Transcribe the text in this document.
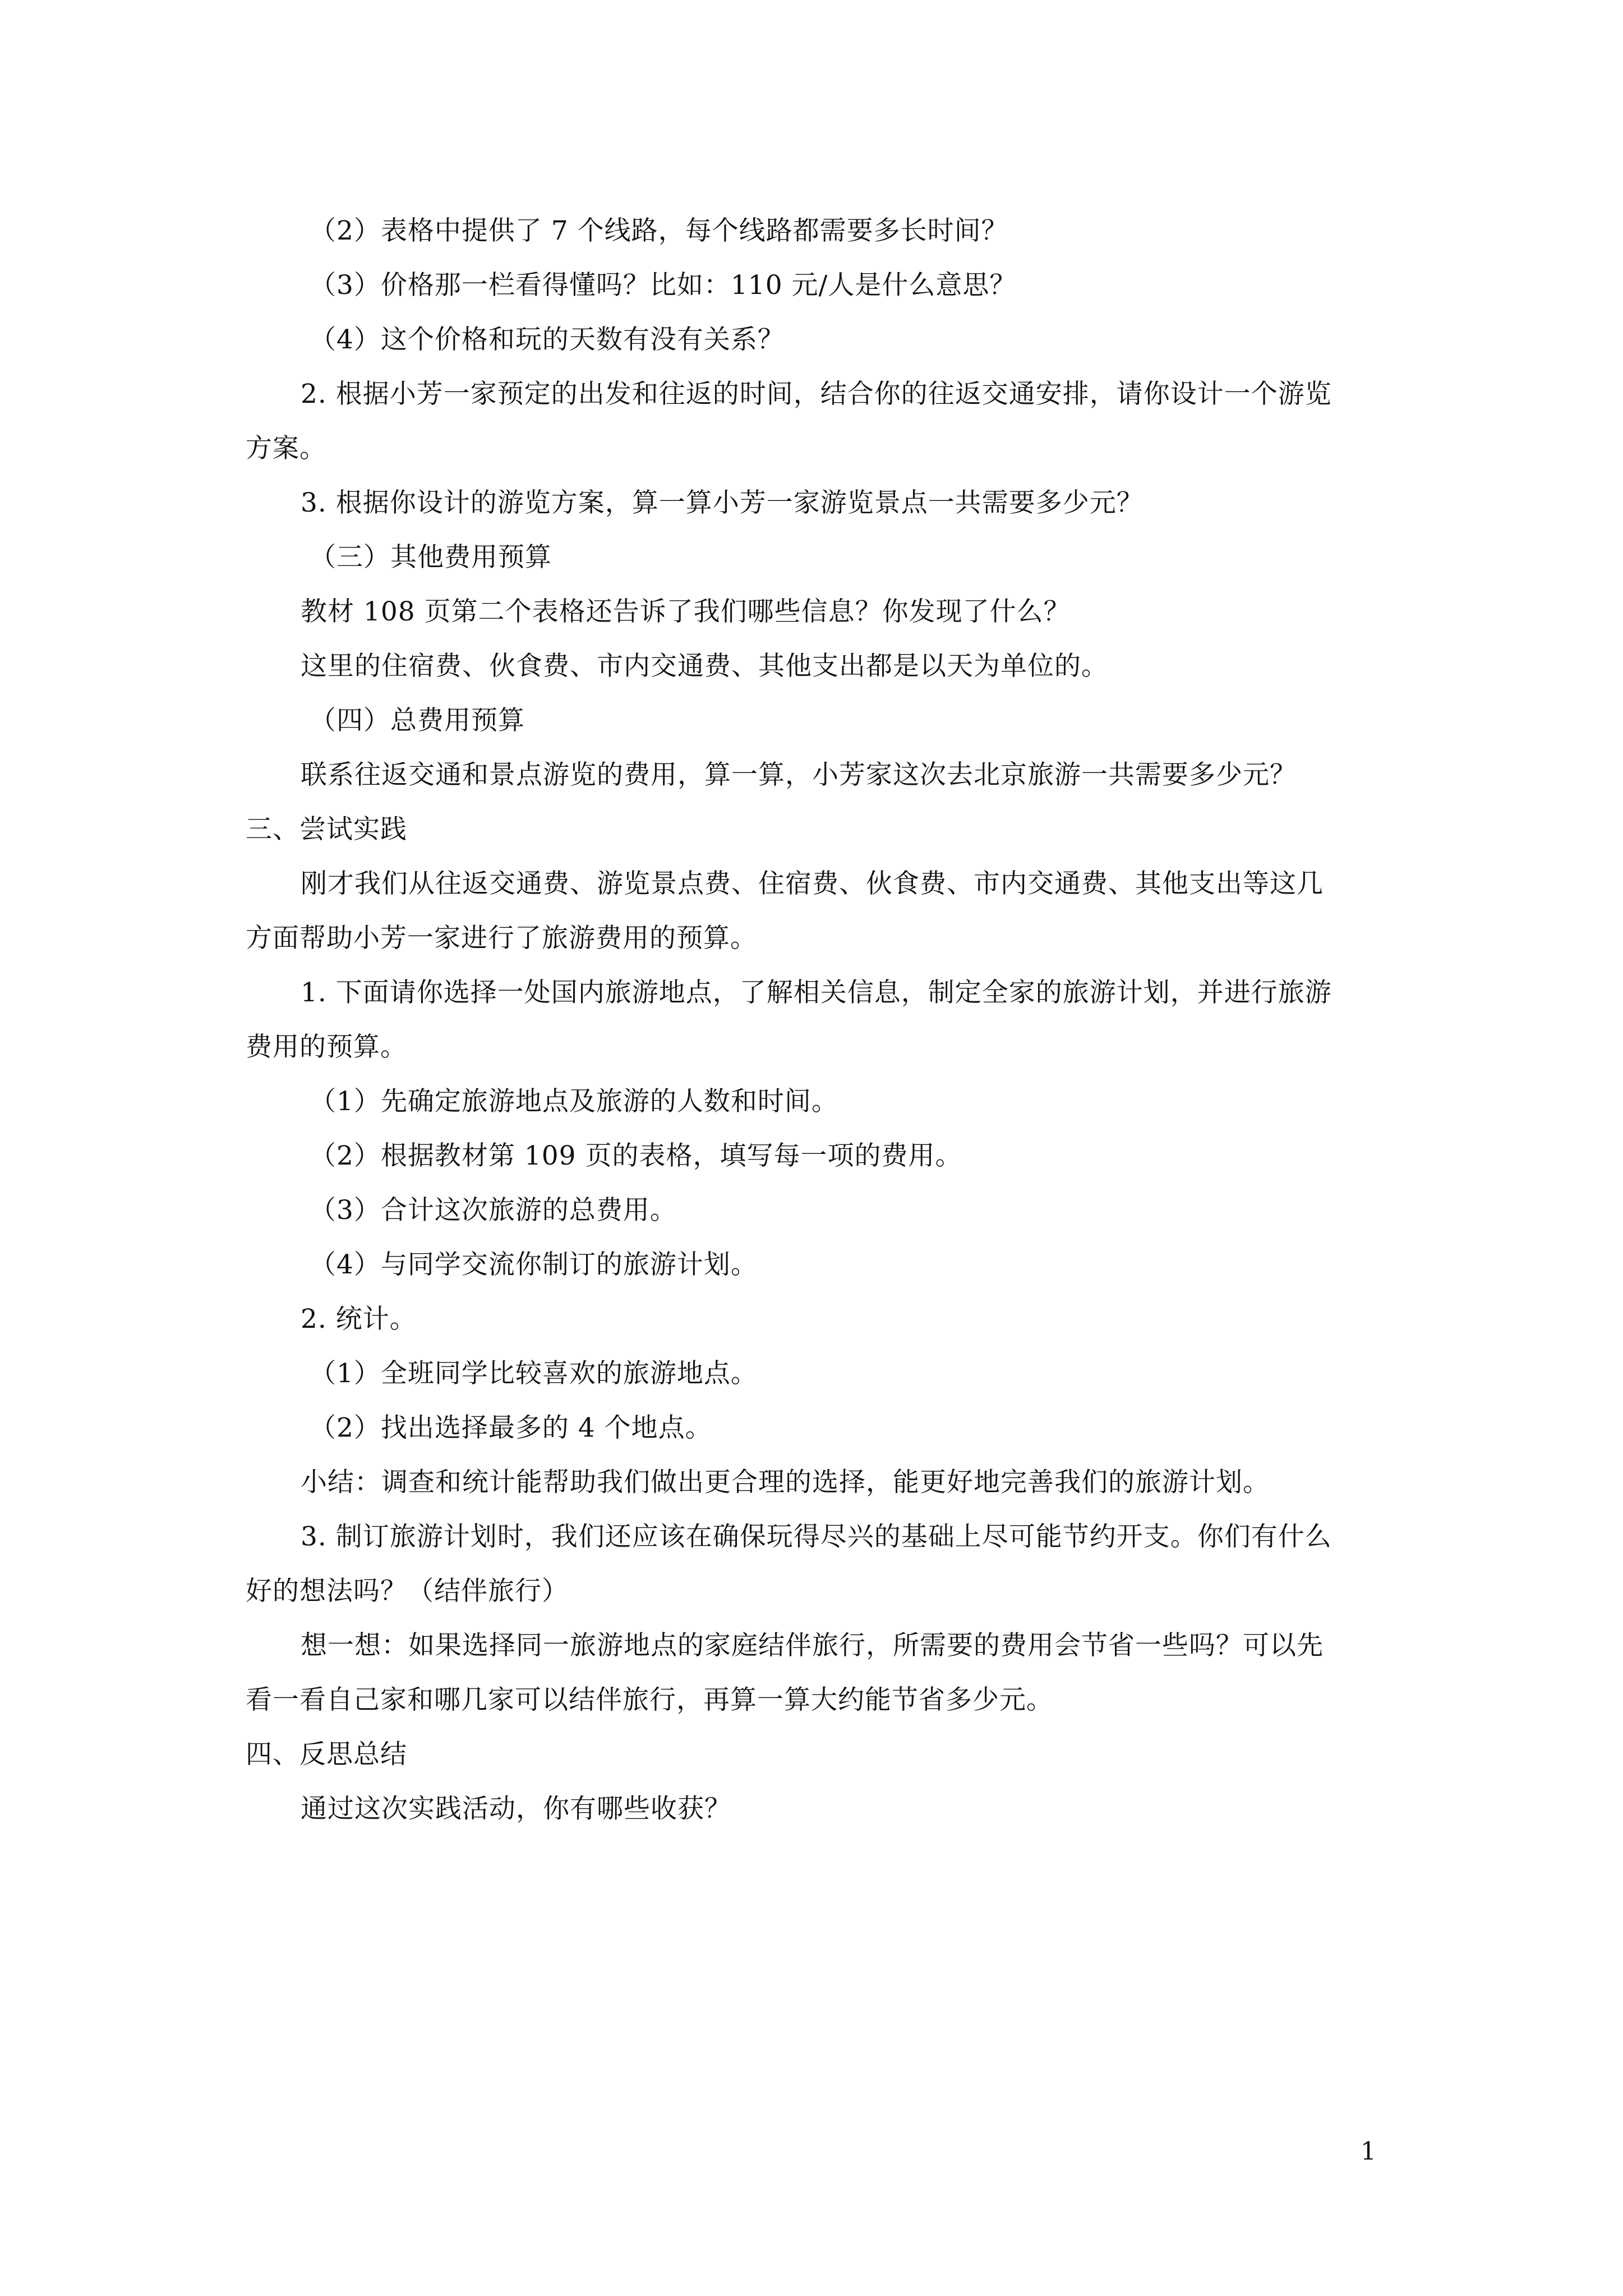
（2）表格中提供了 7 个线路，每个线路都需要多长时间？
（3）价格那一栏看得懂吗？比如：110 元/人是什么意思？
（4）这个价格和玩的天数有没有关系？
2. 根据小芳一家预定的出发和往返的时间，结合你的往返交通安排，请你设计一个游览
方案。
3. 根据你设计的游览方案，算一算小芳一家游览景点一共需要多少元？
（三）其他费用预算
教材 108 页第二个表格还告诉了我们哪些信息？你发现了什么？
这里的住宿费、伙食费、市内交通费、其他支出都是以天为单位的。
（四）总费用预算
联系往返交通和景点游览的费用，算一算，小芳家这次去北京旅游一共需要多少元？
三、尝试实践
刚才我们从往返交通费、游览景点费、住宿费、伙食费、市内交通费、其他支出等这几
方面帮助小芳一家进行了旅游费用的预算。
1. 下面请你选择一处国内旅游地点，了解相关信息，制定全家的旅游计划，并进行旅游
费用的预算。
（1）先确定旅游地点及旅游的人数和时间。
（2）根据教材第 109 页的表格，填写每一项的费用。
（3）合计这次旅游的总费用。
（4）与同学交流你制订的旅游计划。
2. 统计。
（1）全班同学比较喜欢的旅游地点。
（2）找出选择最多的 4 个地点。
小结：调查和统计能帮助我们做出更合理的选择，能更好地完善我们的旅游计划。
3. 制订旅游计划时，我们还应该在确保玩得尽兴的基础上尽可能节约开支。你们有什么
好的想法吗？（结伴旅行）
想一想：如果选择同一旅游地点的家庭结伴旅行，所需要的费用会节省一些吗？可以先
看一看自己家和哪几家可以结伴旅行，再算一算大约能节省多少元。
四、反思总结
通过这次实践活动，你有哪些收获？
1
